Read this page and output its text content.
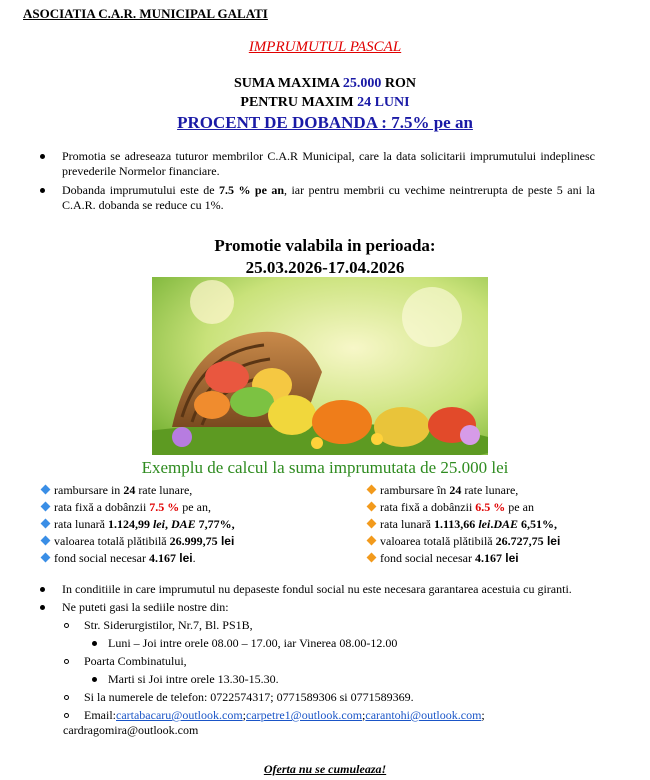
ASOCIATIA C.A.R. MUNICIPAL GALATI
IMPRUMUTUL PASCAL
SUMA MAXIMA 25.000 RON
PENTRU MAXIM 24 LUNI
PROCENT DE DOBANDA : 7.5% pe an
Promotia se adreseaza tuturor membrilor C.A.R Municipal, care la data solicitarii imprumutului indeplinesc prevederile Normelor financiare.
Dobanda imprumutului este de 7.5 % pe an, iar pentru membrii cu vechime neintrerupta de peste 5 ani la C.A.R. dobanda se reduce cu 1%.
Promotie valabila in perioada:
25.03.2026-17.04.2026
Exemplu de calcul la suma imprumutata de 25.000 lei
rambursare in 24 rate lunare,
rata fixă a dobânzii 7.5 % pe an,
rata lunară 1.124,99 lei, DAE 7,77%,
valoarea totală plătibilă 26.999,75 lei
fond social necesar 4.167 lei.
rambursare în 24 rate lunare,
rata fixă a dobânzii 6.5 % pe an
rata lunară 1.113,66 lei.DAE 6,51%,
valoarea totală plătibilă 26.727,75 lei
fond social necesar 4.167 lei
In conditiile in care imprumutul nu depaseste fondul social nu este necesara garantarea acestuia cu giranti.
Ne puteti gasi la sediile nostre din:
Str. Siderurgistilor, Nr.7, Bl. PS1B,
Luni – Joi intre orele 08.00 – 17.00, iar Vinerea 08.00-12.00
Poarta Combinatului,
Marti si Joi intre orele 13.30-15.30.
Si la numerele de telefon: 0722574317; 0771589306 si 0771589369.
Email:cartabacaru@outlook.com;carpetre1@outlook.com;carantohi@outlook.com;
cardragomira@outlook.com
Oferta nu se cumuleaza!
